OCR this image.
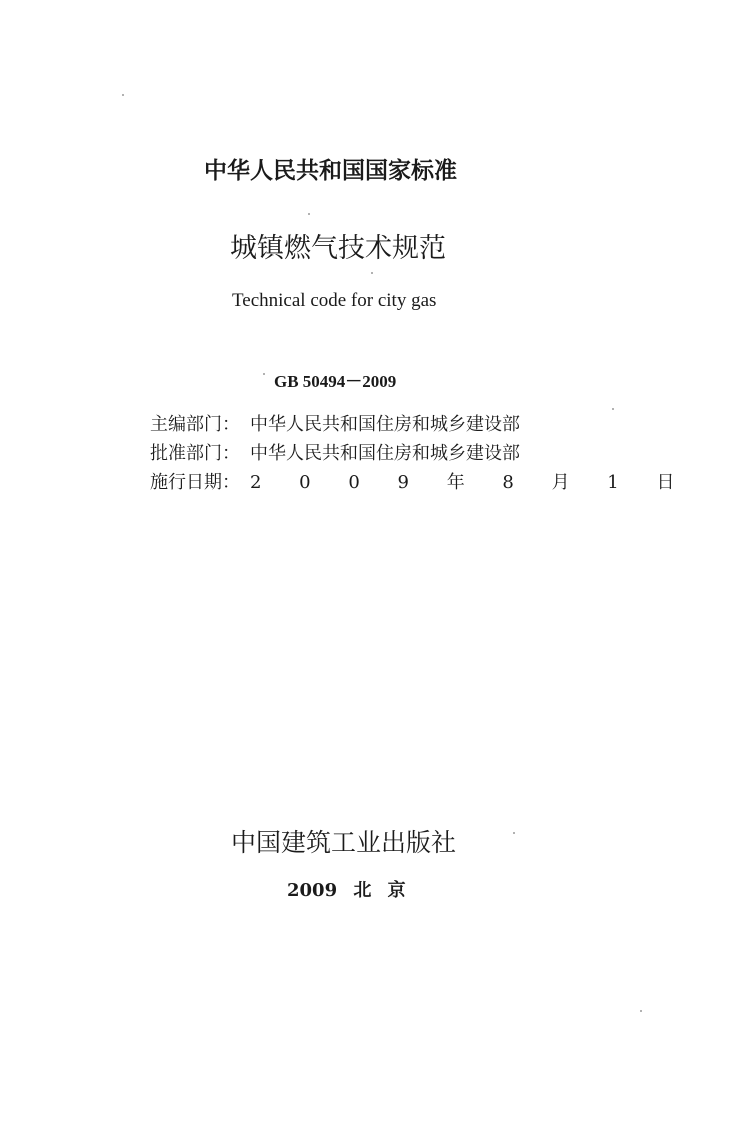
中华人民共和国国家标准
城镇燃气技术规范
Technical code for city gas
GB 50494－2009
主编部门： 中华人民共和国住房和城乡建设部
批准部门： 中华人民共和国住房和城乡建设部
施行日期： 2 0 0 9 年 8 月 1 日
中国建筑工业出版社
2009 北 京
